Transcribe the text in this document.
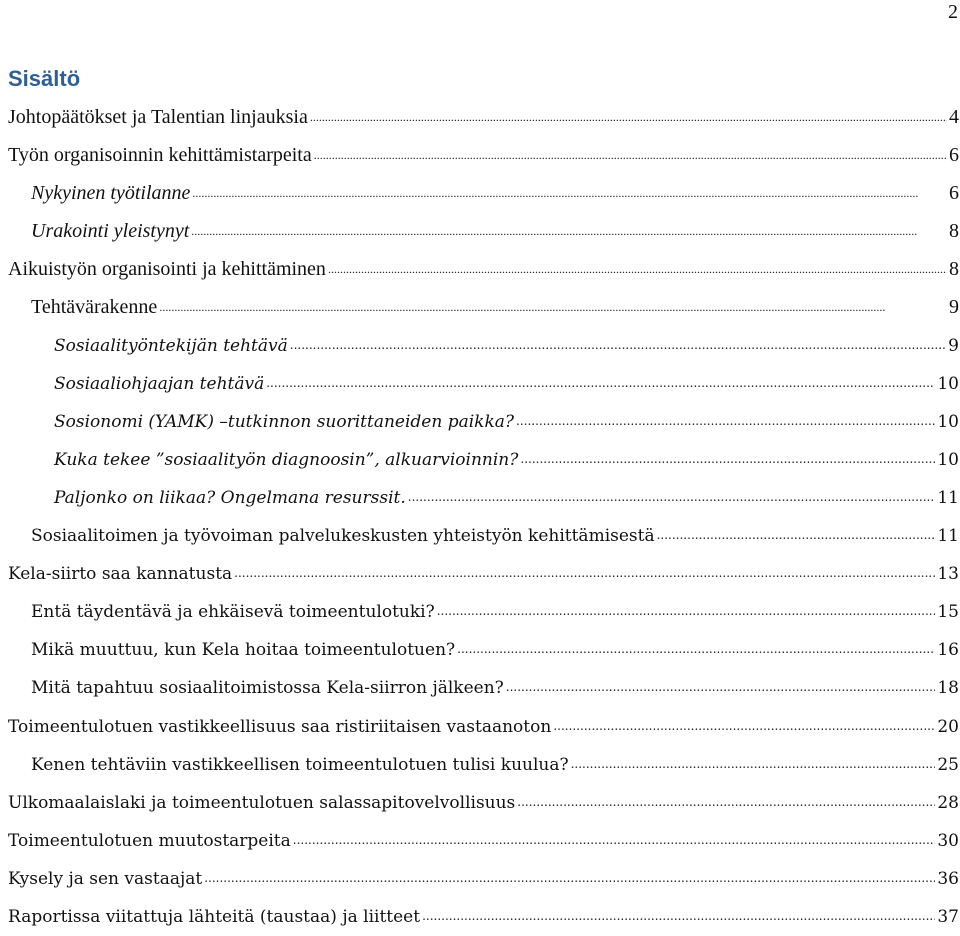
2
Sisältö
Johtopäätökset ja Talentian linjauksia .....	4
Työn organisoinnin kehittämistarpeita .....	6
Nykyinen työtilanne .....	6
Urakointi yleistynyt .....	8
Aikuistyön organisointi ja kehittäminen .....	8
Tehtävärakenne .....	9
Sosiaalityöntekijän tehtävä .....	9
Sosiaaliohjaajan tehtävä .....	10
Sosionomi (YAMK) –tutkinnon suorittaneiden paikka? .....	10
Kuka tekee ”sosiaalityön diagnoosin”, alkuarvioinnin? .....	10
Paljonko on liikaa? Ongelmana resurssit. .....	11
Sosiaalitoimen ja työvoiman palvelukeskusten yhteistyön kehittämisestä .....	11
Kela-siirto saa kannatusta .....	13
Entä täydentävä ja ehkäisevä toimeentulotuki? .....	15
Mikä muuttuu, kun Kela hoitaa toimeentulotuen? .....	16
Mitä tapahtuu sosiaalitoimistossa Kela-siirron jälkeen? .....	18
Toimeentulotuen vastikkeellisuus saa ristiriitaisen vastaanoton .....	20
Kenen tehtäviin vastikkeellisen toimeentulotuen tulisi kuulua? .....	25
Ulkomaalaislaki ja toimeentulotuen salassapitovelvollisuus .....	28
Toimeentulotuen muutostarpeita .....	30
Kysely ja sen vastaajat .....	36
Raportissa viitattuja lähteitä (taustaa) ja liitteet .....	37
